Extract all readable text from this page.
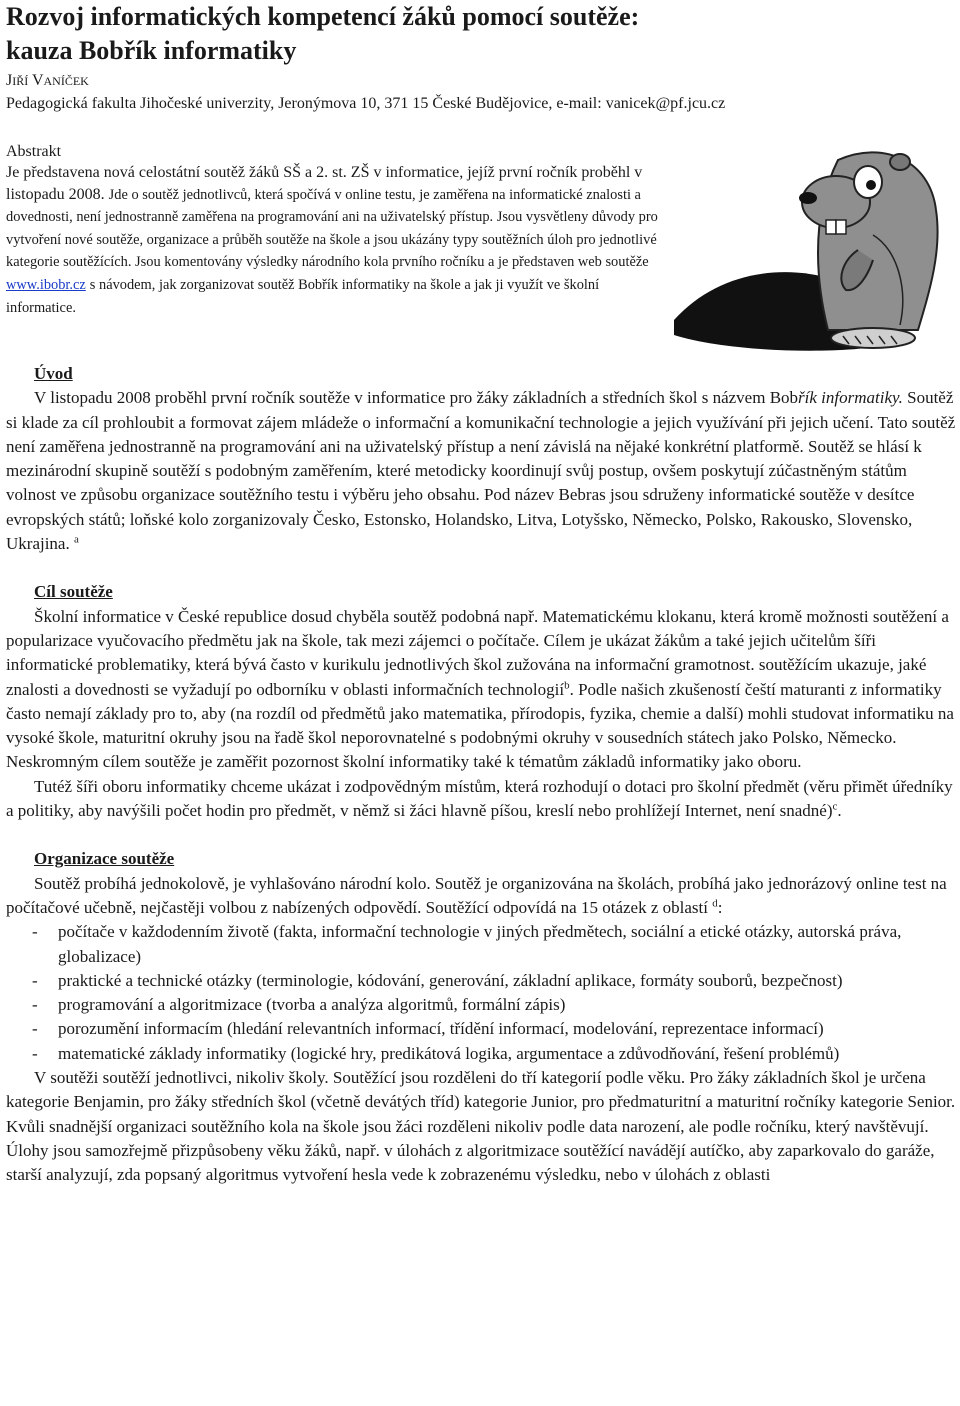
Rozvoj informatických kompetencí žáků pomocí soutěže:
kauza Bobřík informatiky
JIŘÍ VANÍČEK
Pedagogická fakulta Jihočeské univerzity, Jeronýmova 10, 371 15 České Budějovice, e-mail: vanicek@pf.jcu.cz
Abstrakt

Je představena nová celostátní soutěž žáků SŠ a 2. st. ZŠ v informatice, jejíž první ročník proběhl v listopadu 2008. Jde o soutěž jednotlivců, která spočívá v online testu, je zaměřena na informatické znalosti a dovednosti, není jednostranně zaměřena na programování ani na uživatelský přístup. Jsou vysvětleny důvody pro vytvoření nové soutěže, organizace a průběh soutěže na škole a jsou ukázány typy soutěžních úloh pro jednotlivé kategorie soutěžících. Jsou komentovány výsledky národního kola prvního ročníku a je představen web soutěže www.ibobr.cz s návodem, jak zorganizovat soutěž Bobřík informatiky na škole a jak ji využít ve školní informatice.

Úvod

V listopadu 2008 proběhl první ročník soutěže v informatice pro žáky základních a středních škol s názvem Bobřík informatiky. Soutěž si klade za cíl prohloubit a formovat zájem mládeže o informační a komunikační technologie a jejich využívání při jejich učení. Tato soutěž není zaměřena jednostranně na programování ani na uživatelský přístup a není závislá na nějaké konkrétní platformě. Soutěž se hlásí k mezinárodní skupině soutěží s podobným zaměřením, které metodicky koordinují svůj postup, ovšem poskytují zúčastněným státům volnost ve způsobu organizace soutěžního testu i výběru jeho obsahu. Pod název Bebras jsou sdruženy informatické soutěže v desítce evropských států; loňské kolo zorganizovaly Česko, Estonsko, Holandsko, Litva, Lotyšsko, Německo, Polsko, Rakousko, Slovensko, Ukrajina. $^a$

Cíl soutěže

Školní informatice v České republice dosud chyběla soutěž podobná např. Matematickému klokanu, která kromě možnosti soutěžení a popularizace vyučovacího předmětu jak na škole, tak mezi zájemci o počítače. Cílem je ukázat žákům a také jejich učitelům šíři informatické problematiky, která bývá často v kurikulu jednotlivých škol zužována na informační gramotnost. soutěžícím ukazuje, jaké znalosti a dovednosti se vyžadují po odborníku v oblasti informačních technologií$^b$. Podle našich zkušeností čeští maturanti z informatiky často nemají základy pro to, aby (na rozdíl od předmětů jako matematika, přírodopis, fyzika, chemie a další) mohli studovat informatiku na vysoké škole, maturitní okruhy jsou na řadě škol neporovnatelné s podobnými okruhy v sousedních státech jako Polsko, Německo. Neskromným cílem soutěže je zaměřit pozornost školní informatiky také k tématům základů informatiky jako oboru.

Tutéž šíři oboru informatiky chceme ukázat i zodpovědným místům, která rozhodují o dotaci pro školní předmět (věru přimět úředníky a politiky, aby navýšili počet hodin pro předmět, v němž si žáci hlavně píšou, kreslí nebo prohlížejí Internet, není snadné)$^c$.

Organizace soutěže

Soutěž probíhá jednokolově, je vyhlašováno národní kolo. Soutěž je organizována na školách, probíhá jako jednorázový online test na počítačové učebně, nejčastěji volbou z nabízených odpovědí. Soutěžící odpovídá na 15 otázek z oblastí $^d$:

- počítače v každodenním životě (fakta, informační technologie v jiných předmětech, sociální a etické otázky, autorská práva, globalizace)
- praktické a technické otázky (terminologie, kódování, generování, základní aplikace, formáty souborů, bezpečnost)
- programování a algoritmizace (tvorba a analýza algoritmů, formální zápis)
- porozumění informacím (hledání relevantních informací, třídění informací, modelování, reprezentace informací)
- matematické základy informatiky (logické hry, predikátová logika, argumentace a zdůvodňování, řešení problémů)

V soutěži soutěží jednotlivci, nikoliv školy. Soutěžící jsou rozděleni do tří kategorií podle věku. Pro žáky základních škol je určena kategorie Benjamin, pro žáky středních škol (včetně devátých tříd) kategorie Junior, pro předmaturitní a maturitní ročníky kategorie Senior. Kvůli snadnější organizaci soutěžního kola na škole jsou žáci rozděleni nikoliv podle data narození, ale podle ročníku, který navštěvují. Úlohy jsou samozřejmě přizpůsobeny věku žáků, např. v úlohách z algoritmizace soutěžící navádějí autíčko, aby zaparkovalo do garáže, starší analyzují, zda popsaný algoritmus vytvoření hesla vede k zobrazenému výsledku, nebo v úlohách z oblasti
